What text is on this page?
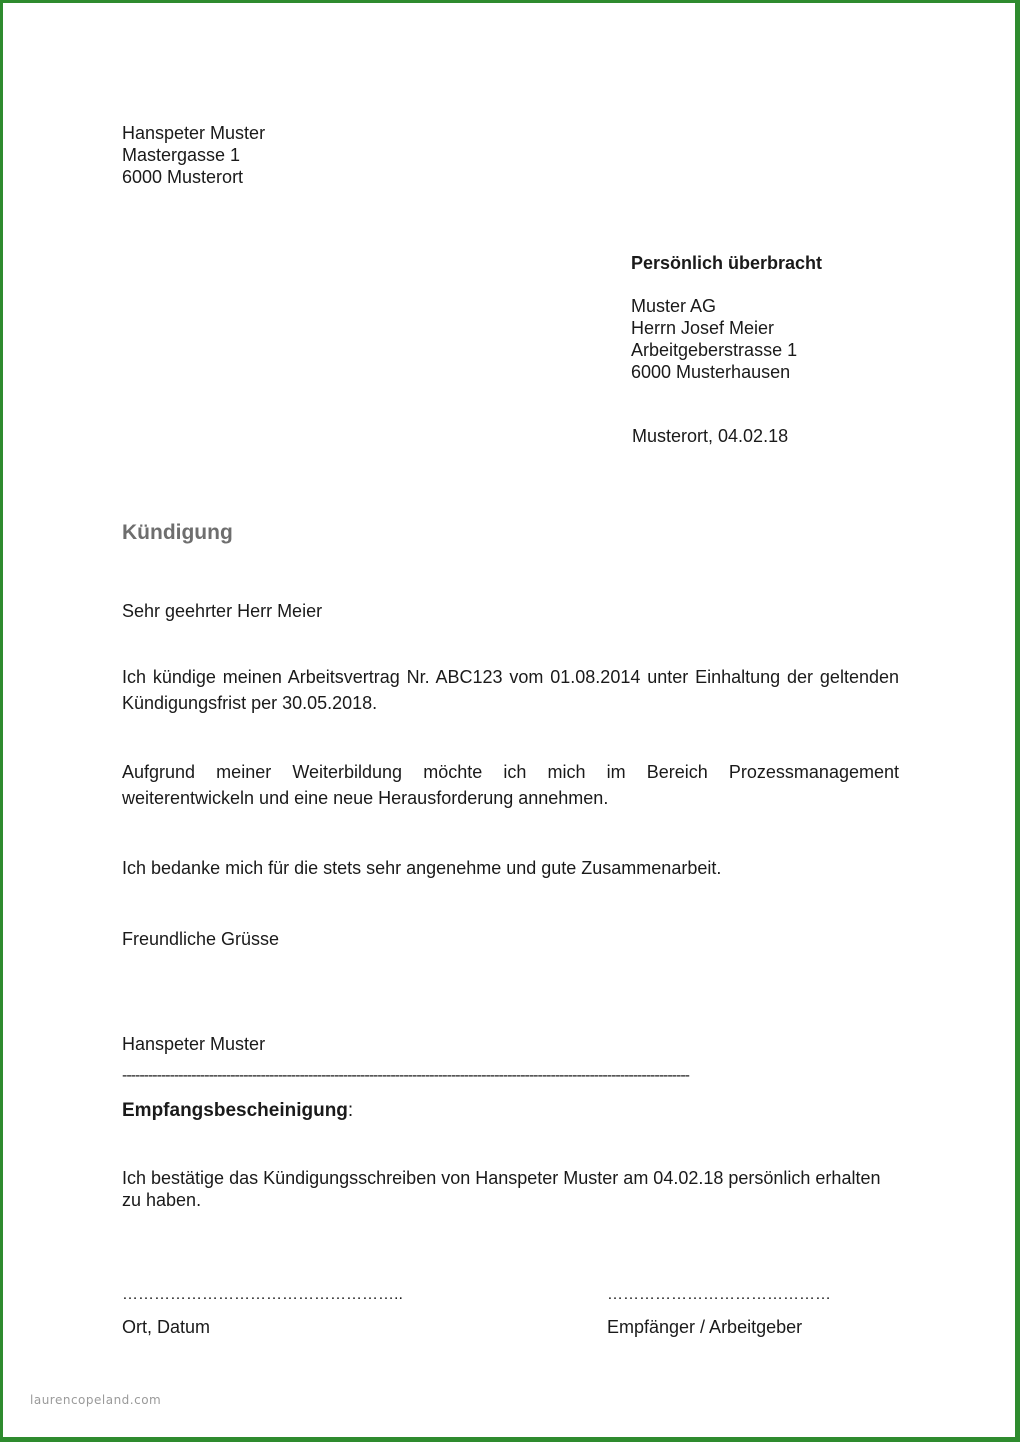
Hanspeter Muster
Mastergasse 1
6000 Musterort
Persönlich überbracht
Muster AG
Herrn Josef Meier
Arbeitgeberstrasse 1
6000 Musterhausen
Musterort, 04.02.18
Kündigung
Sehr geehrter Herr Meier
Ich kündige meinen Arbeitsvertrag Nr. ABC123 vom 01.08.2014 unter Einhaltung der geltenden
Kündigungsfrist per 30.05.2018.
Aufgrund meiner Weiterbildung möchte ich mich im Bereich Prozessmanagement
weiterentwickeln und eine neue Herausforderung annehmen.
Ich bedanke mich für die stets sehr angenehme und gute Zusammenarbeit.
Freundliche Grüsse
Hanspeter Muster
-----------------------------------------------------------------------------------------------------------------------------------
Empfangsbescheinigung:
Ich bestätige das Kündigungsschreiben von Hanspeter Muster am 04.02.18 persönlich erhalten
zu haben.
……………………………………………..	……………………………………
Ort, Datum	Empfänger / Arbeitgeber
laurencopeland.com
